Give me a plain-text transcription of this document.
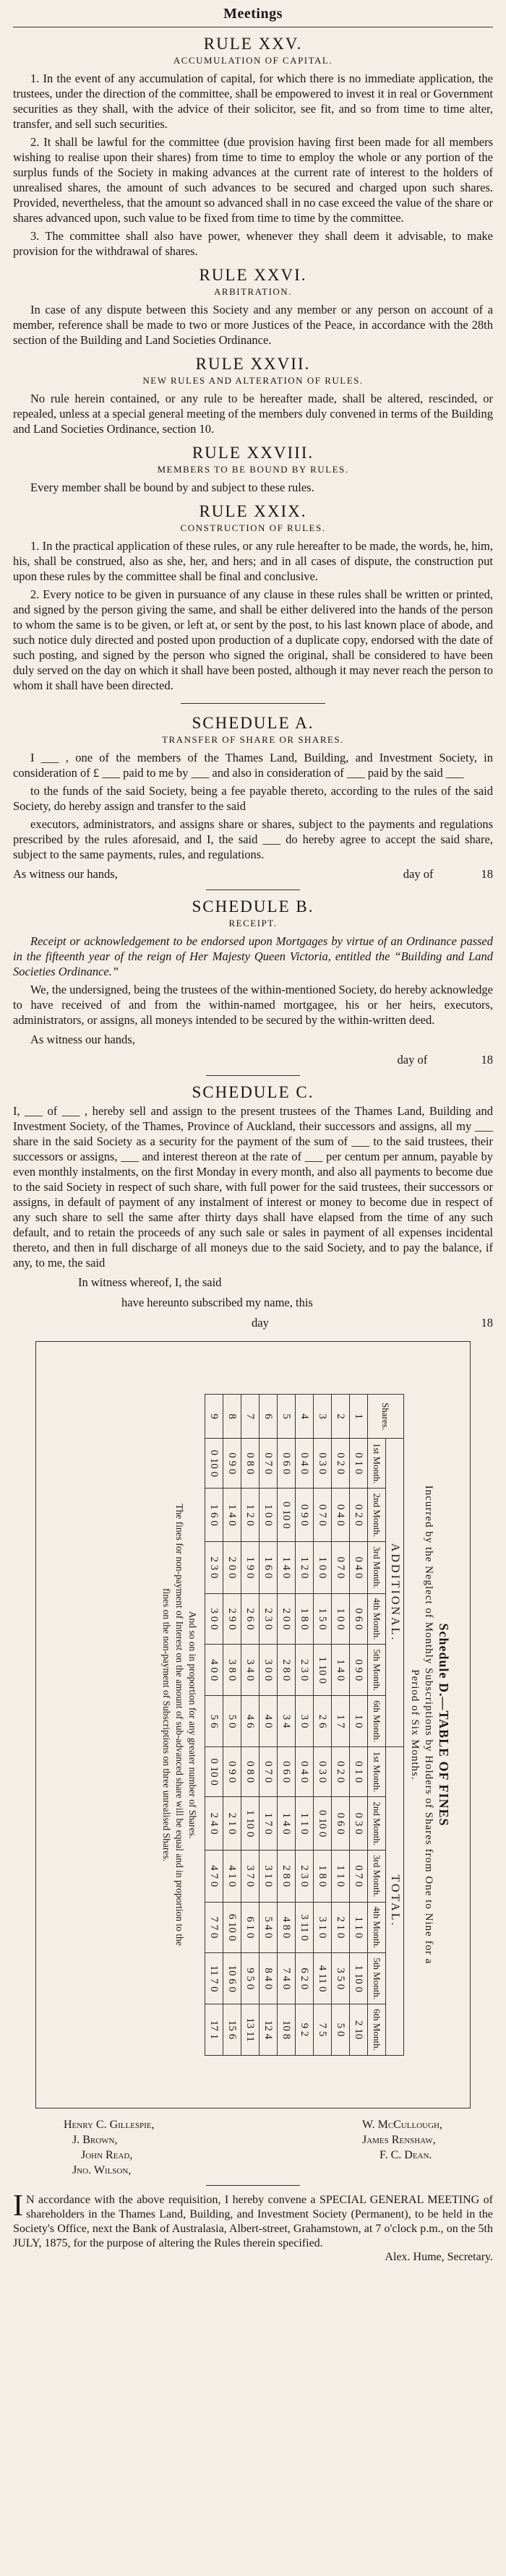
Meetings
RULE XXV.
ACCUMULATION OF CAPITAL.

1. In the event of any accumulation of capital, for which there is no immediate application, the trustees, under the direction of the committee, shall be empowered to invest it in real or Government securities as they shall, with the advice of their solicitor, see fit, and so from time to time alter, transfer, and sell such securities.

2. It shall be lawful for the committee (due provision having first been made for all members wishing to realise upon their shares) from time to time to employ the whole or any portion of the surplus funds of the Society in making advances at the current rate of interest to the holders of unrealised shares, the amount of such advances to be secured and charged upon such shares. Provided, nevertheless, that the amount so advanced shall in no case exceed the value of the share or shares advanced upon, such value to be fixed from time to time by the committee.

3. The committee shall also have power, whenever they shall deem it advisable, to make provision for the withdrawal of shares.

RULE XXVI.
ARBITRATION.

In case of any dispute between this Society and any member or any person on account of a member, reference shall be made to two or more Justices of the Peace, in accordance with the 28th section of the Building and Land Societies Ordinance.

RULE XXVII.
NEW RULES AND ALTERATION OF RULES.

No rule herein contained, or any rule to be hereafter made, shall be altered, rescinded, or repealed, unless at a special general meeting of the members duly convened in terms of the Building and Land Societies Ordinance, section 10.

RULE XXVIII.
MEMBERS TO BE BOUND BY RULES.

Every member shall be bound by and subject to these rules.

RULE XXIX.
CONSTRUCTION OF RULES.

1. In the practical application of these rules, or any rule hereafter to be made, the words, he, him, his, shall be construed, also as she, her, and hers; and in all cases of dispute, the construction put upon these rules by the committee shall be final and conclusive.

2. Every notice to be given in pursuance of any clause in these rules shall be written or printed, and signed by the person giving the same, and shall be either delivered into the hands of the person to whom the same is to be given, or left at, or sent by the post, to his last known place of abode, and such notice duly directed and posted upon production of a duplicate copy, endorsed with the date of such posting, and signed by the person who signed the original, shall be considered to have been duly served on the day on which it shall have been posted, although it may never reach the person to whom it shall have been directed.

SCHEDULE A.
TRANSFER OF SHARE OR SHARES.

I ___ , one of the members of the Thames Land, Building, and Investment Society, in consideration of £ ___ paid to me by ___ and also in consideration of ___ paid by the said ___

to the funds of the said Society, being a fee payable thereto, according to the rules of the said Society, do hereby assign and transfer to the said

executors, administrators, and assigns share or shares, subject to the payments and regulations prescribed by the rules aforesaid, and I, the said ___ do hereby agree to accept the said share, subject to the same payments, rules, and regulations.

As witness our hands,	day of	18
SCHEDULE B.
RECEIPT.

Receipt or acknowledgement to be endorsed upon Mortgages by virtue of an Ordinance passed in the fifteenth year of the reign of Her Majesty Queen Victoria, entitled the “Building and Land Societies Ordinance.”

We, the undersigned, being the trustees of the within-mentioned Society, do hereby acknowledge to have received of and from the within-named mortgagee, his or her heirs, executors, administrators, or assigns, all moneys intended to be secured by the within-written deed.

As witness our hands,
day of	18
SCHEDULE C.

I, ___ of ___ , hereby sell and assign to the present trustees of the Thames Land, Building and Investment Society, of the Thames, Province of Auckland, their successors and assigns, all my ___ share in the said Society as a security for the payment of the sum of ___ to the said trustees, their successors or assigns, ___ and interest thereon at the rate of ___ per centum per annum, payable by even monthly instalments, on the first Monday in every month, and also all payments to become due to the said Society in respect of such share, with full power for the said trustees, their successors or assigns, in default of payment of any instalment of interest or money to become due in respect of any such share to sell the same after thirty days shall have elapsed from the time of any such default, and to retain the proceeds of any such sale or sales in payment of all expenses incidental thereto, and then in full discharge of all moneys due to the said Society, and to pay the balance, if any, to me, the said

In witness whereof, I, the said
have hereunto subscribed my name, this
day	18
Schedule D.—TABLE OF FINES
Incurred by the Neglect of Monthly Subscriptions by Holders of Shares from One to Nine for a
Period of Six Months.
Shares.	ADDITIONAL.						TOTAL.					
	1st Month.	2nd Month.	3rd Month.	4th Month.	5th Month.	6th Month.	1st Month.	2nd Month.	3rd Month.	4th Month.	5th Month.	6th Month.
1	0 1 0	0 2 0	0 4 0	0 6 0	0 9 0	1 0	0 1 0	0 3 0	0 7 0	1 1 0	1 10 0	2 10
2	0 2 0	0 4 0	0 7 0	1 0 0	1 4 0	1 7	0 2 0	0 6 0	1 1 0	2 1 0	3 5 0	5 0
3	0 3 0	0 7 0	1 0 0	1 5 0	1 10 0	2 6	0 3 0	0 10 0	1 8 0	3 1 0	4 11 0	7 5
4	0 4 0	0 9 0	1 2 0	1 8 0	2 3 0	3 0	0 4 0	1 1 0	2 3 0	3 11 0	6 2 0	9 2
5	0 6 0	0 10 0	1 4 0	2 0 0	2 8 0	3 4	0 6 0	1 4 0	2 8 0	4 8 0	7 4 0	10 8
6	0 7 0	1 0 0	1 6 0	2 3 0	3 0 0	4 0	0 7 0	1 7 0	3 1 0	5 4 0	8 4 0	12 4
7	0 8 0	1 2 0	1 9 0	2 6 0	3 4 0	4 6	0 8 0	1 10 0	3 7 0	6 1 0	9 5 0	13 11
8	0 9 0	1 4 0	2 0 0	2 9 0	3 8 0	5 0	0 9 0	2 1 0	4 1 0	6 10 0	10 6 0	15 6
9	0 10 0	1 6 0	2 3 0	3 0 0	4 0 0	5 6	0 10 0	2 4 0	4 7 0	7 7 0	11 7 0	17 1
And so on in proportion for any greater number of Shares.
The fines for non-payment of Interest on the amount of sub-advanced share will be equal and in proportion to the
fines on the non-payment of Subscriptions on three unrealised Shares.
Henry C. Gillespie,
J. Brown,
John Read,
Jno. Wilson,
W. McCullough,
James Renshaw,
F. C. Dean.
I N accordance with the above requisition, I hereby convene a SPECIAL GENERAL MEETING of shareholders in the Thames Land, Building, and Investment Society (Permanent), to be held in the Society's Office, next the Bank of Australasia, Albert-street, Grahamstown, at 7 o'clock p.m., on the 5th JULY, 1875, for the purpose of altering the Rules therein specified.
Alex. Hume, Secretary.
